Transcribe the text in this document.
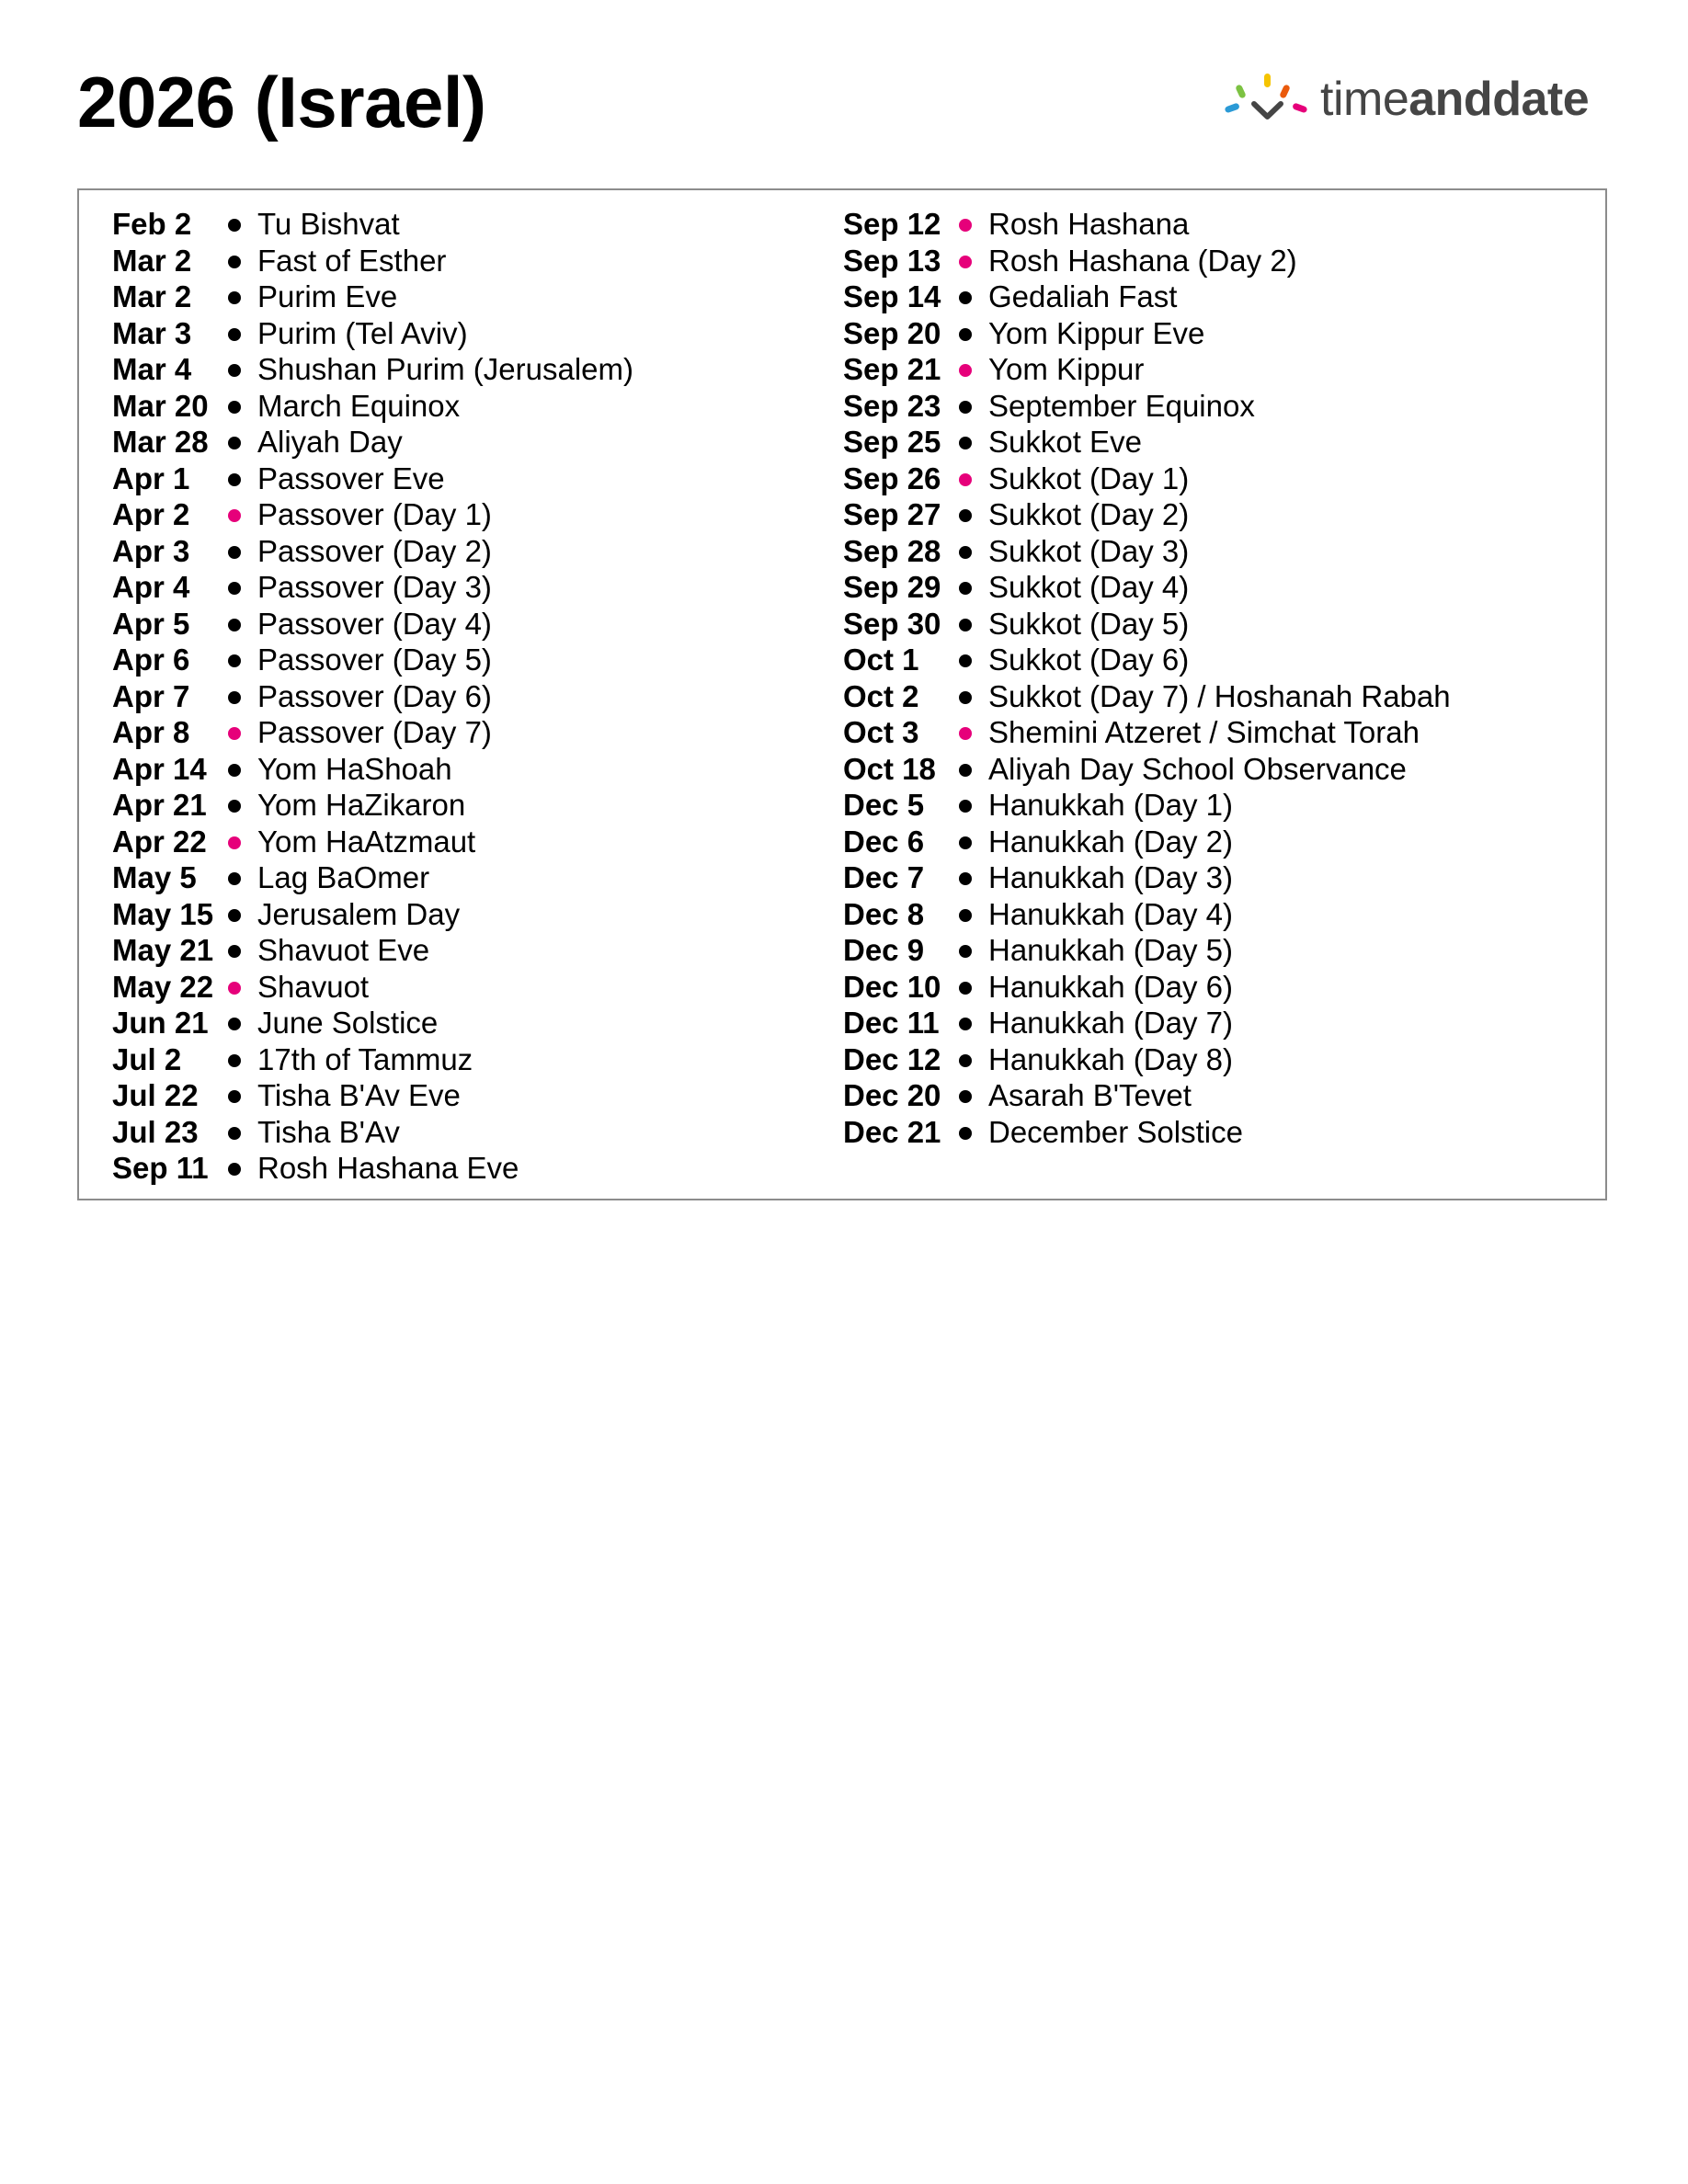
2026 (Israel)	timeanddate
Feb 2 Tu Bishvat
Mar 2 Fast of Esther
Mar 2 Purim Eve
Mar 3 Purim (Tel Aviv)
Mar 4 Shushan Purim (Jerusalem)
Mar 20 March Equinox
Mar 28 Aliyah Day
Apr 1 Passover Eve
Apr 2 Passover (Day 1)
Apr 3 Passover (Day 2)
Apr 4 Passover (Day 3)
Apr 5 Passover (Day 4)
Apr 6 Passover (Day 5)
Apr 7 Passover (Day 6)
Apr 8 Passover (Day 7)
Apr 14 Yom HaShoah
Apr 21 Yom HaZikaron
Apr 22 Yom HaAtzmaut
May 5 Lag BaOmer
May 15 Jerusalem Day
May 21 Shavuot Eve
May 22 Shavuot
Jun 21 June Solstice
Jul 2	17th of Tammuz
Jul 22 Tisha B'Av Eve
Jul 23 Tisha B'Av
Sep 11 Rosh Hashana Eve
Sep 12 Rosh Hashana
Sep 13 Rosh Hashana (Day 2)
Sep 14 Gedaliah Fast
Sep 20 Yom Kippur Eve
Sep 21 Yom Kippur
Sep 23 September Equinox
Sep 25 Sukkot Eve
Sep 26 Sukkot (Day 1)
Sep 27 Sukkot (Day 2)
Sep 28 Sukkot (Day 3)
Sep 29 Sukkot (Day 4)
Sep 30 Sukkot (Day 5)
Oct 1 Sukkot (Day 6)
Oct 2 Sukkot (Day 7) / Hoshanah Rabah
Oct 3 Shemini Atzeret / Simchat Torah
Oct 18 Aliyah Day School Observance
Dec 5 Hanukkah (Day 1)
Dec 6 Hanukkah (Day 2)
Dec 7 Hanukkah (Day 3)
Dec 8 Hanukkah (Day 4)
Dec 9 Hanukkah (Day 5)
Dec 10 Hanukkah (Day 6)
Dec 11 Hanukkah (Day 7)
Dec 12 Hanukkah (Day 8)
Dec 20 Asarah B'Tevet
Dec 21 December Solstice
